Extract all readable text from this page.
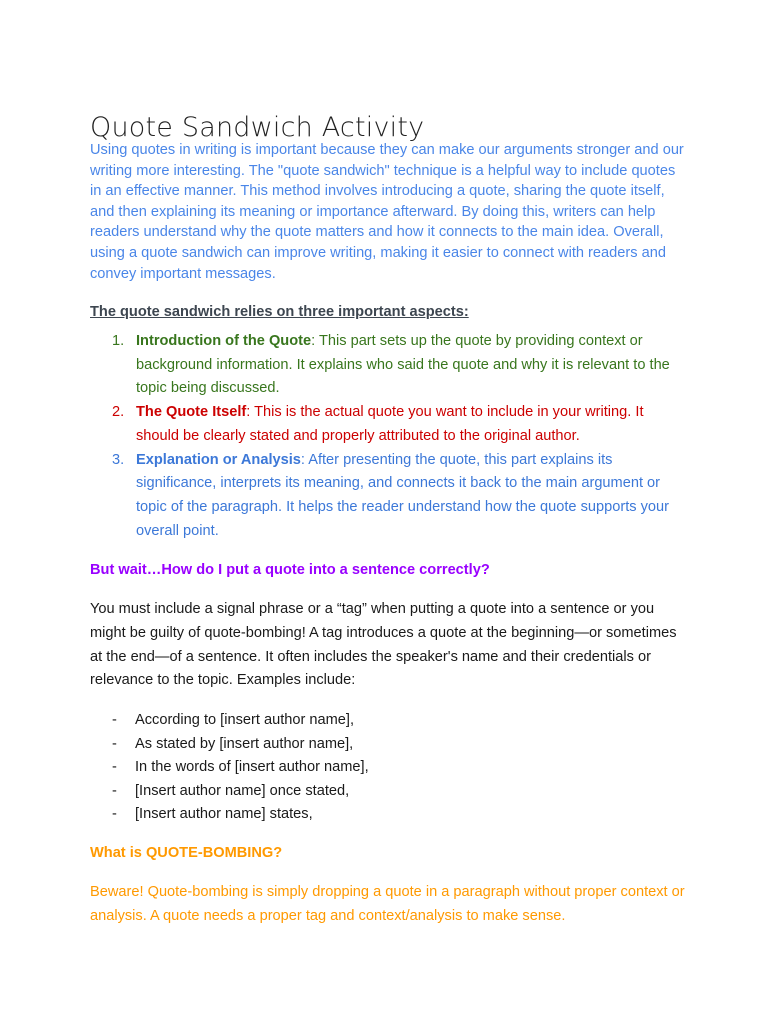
Quote Sandwich Activity

Using quotes in writing is important because they can make our arguments stronger and our writing more interesting. The "quote sandwich" technique is a helpful way to include quotes in an effective manner. This method involves introducing a quote, sharing the quote itself, and then explaining its meaning or importance afterward. By doing this, writers can help readers understand why the quote matters and how it connects to the main idea. Overall, using a quote sandwich can improve writing, making it easier to connect with readers and convey important messages.

The quote sandwich relies on three important aspects:

1. Introduction of the Quote: This part sets up the quote by providing context or background information. It explains who said the quote and why it is relevant to the topic being discussed.
2. The Quote Itself: This is the actual quote you want to include in your writing. It should be clearly stated and properly attributed to the original author.
3. Explanation or Analysis: After presenting the quote, this part explains its significance, interprets its meaning, and connects it back to the main argument or topic of the paragraph. It helps the reader understand how the quote supports your overall point.

But wait…How do I put a quote into a sentence correctly?

You must include a signal phrase or a “tag” when putting a quote into a sentence or you might be guilty of quote-bombing! A tag introduces a quote at the beginning—or sometimes at the end—of a sentence. It often includes the speaker's name and their credentials or relevance to the topic. Examples include:

- According to [insert author name],
- As stated by [insert author name],
- In the words of [insert author name],
- [Insert author name] once stated,
- [Insert author name] states,

What is QUOTE-BOMBING?

Beware! Quote-bombing is simply dropping a quote in a paragraph without proper context or analysis. A quote needs a proper tag and context/analysis to make sense.
